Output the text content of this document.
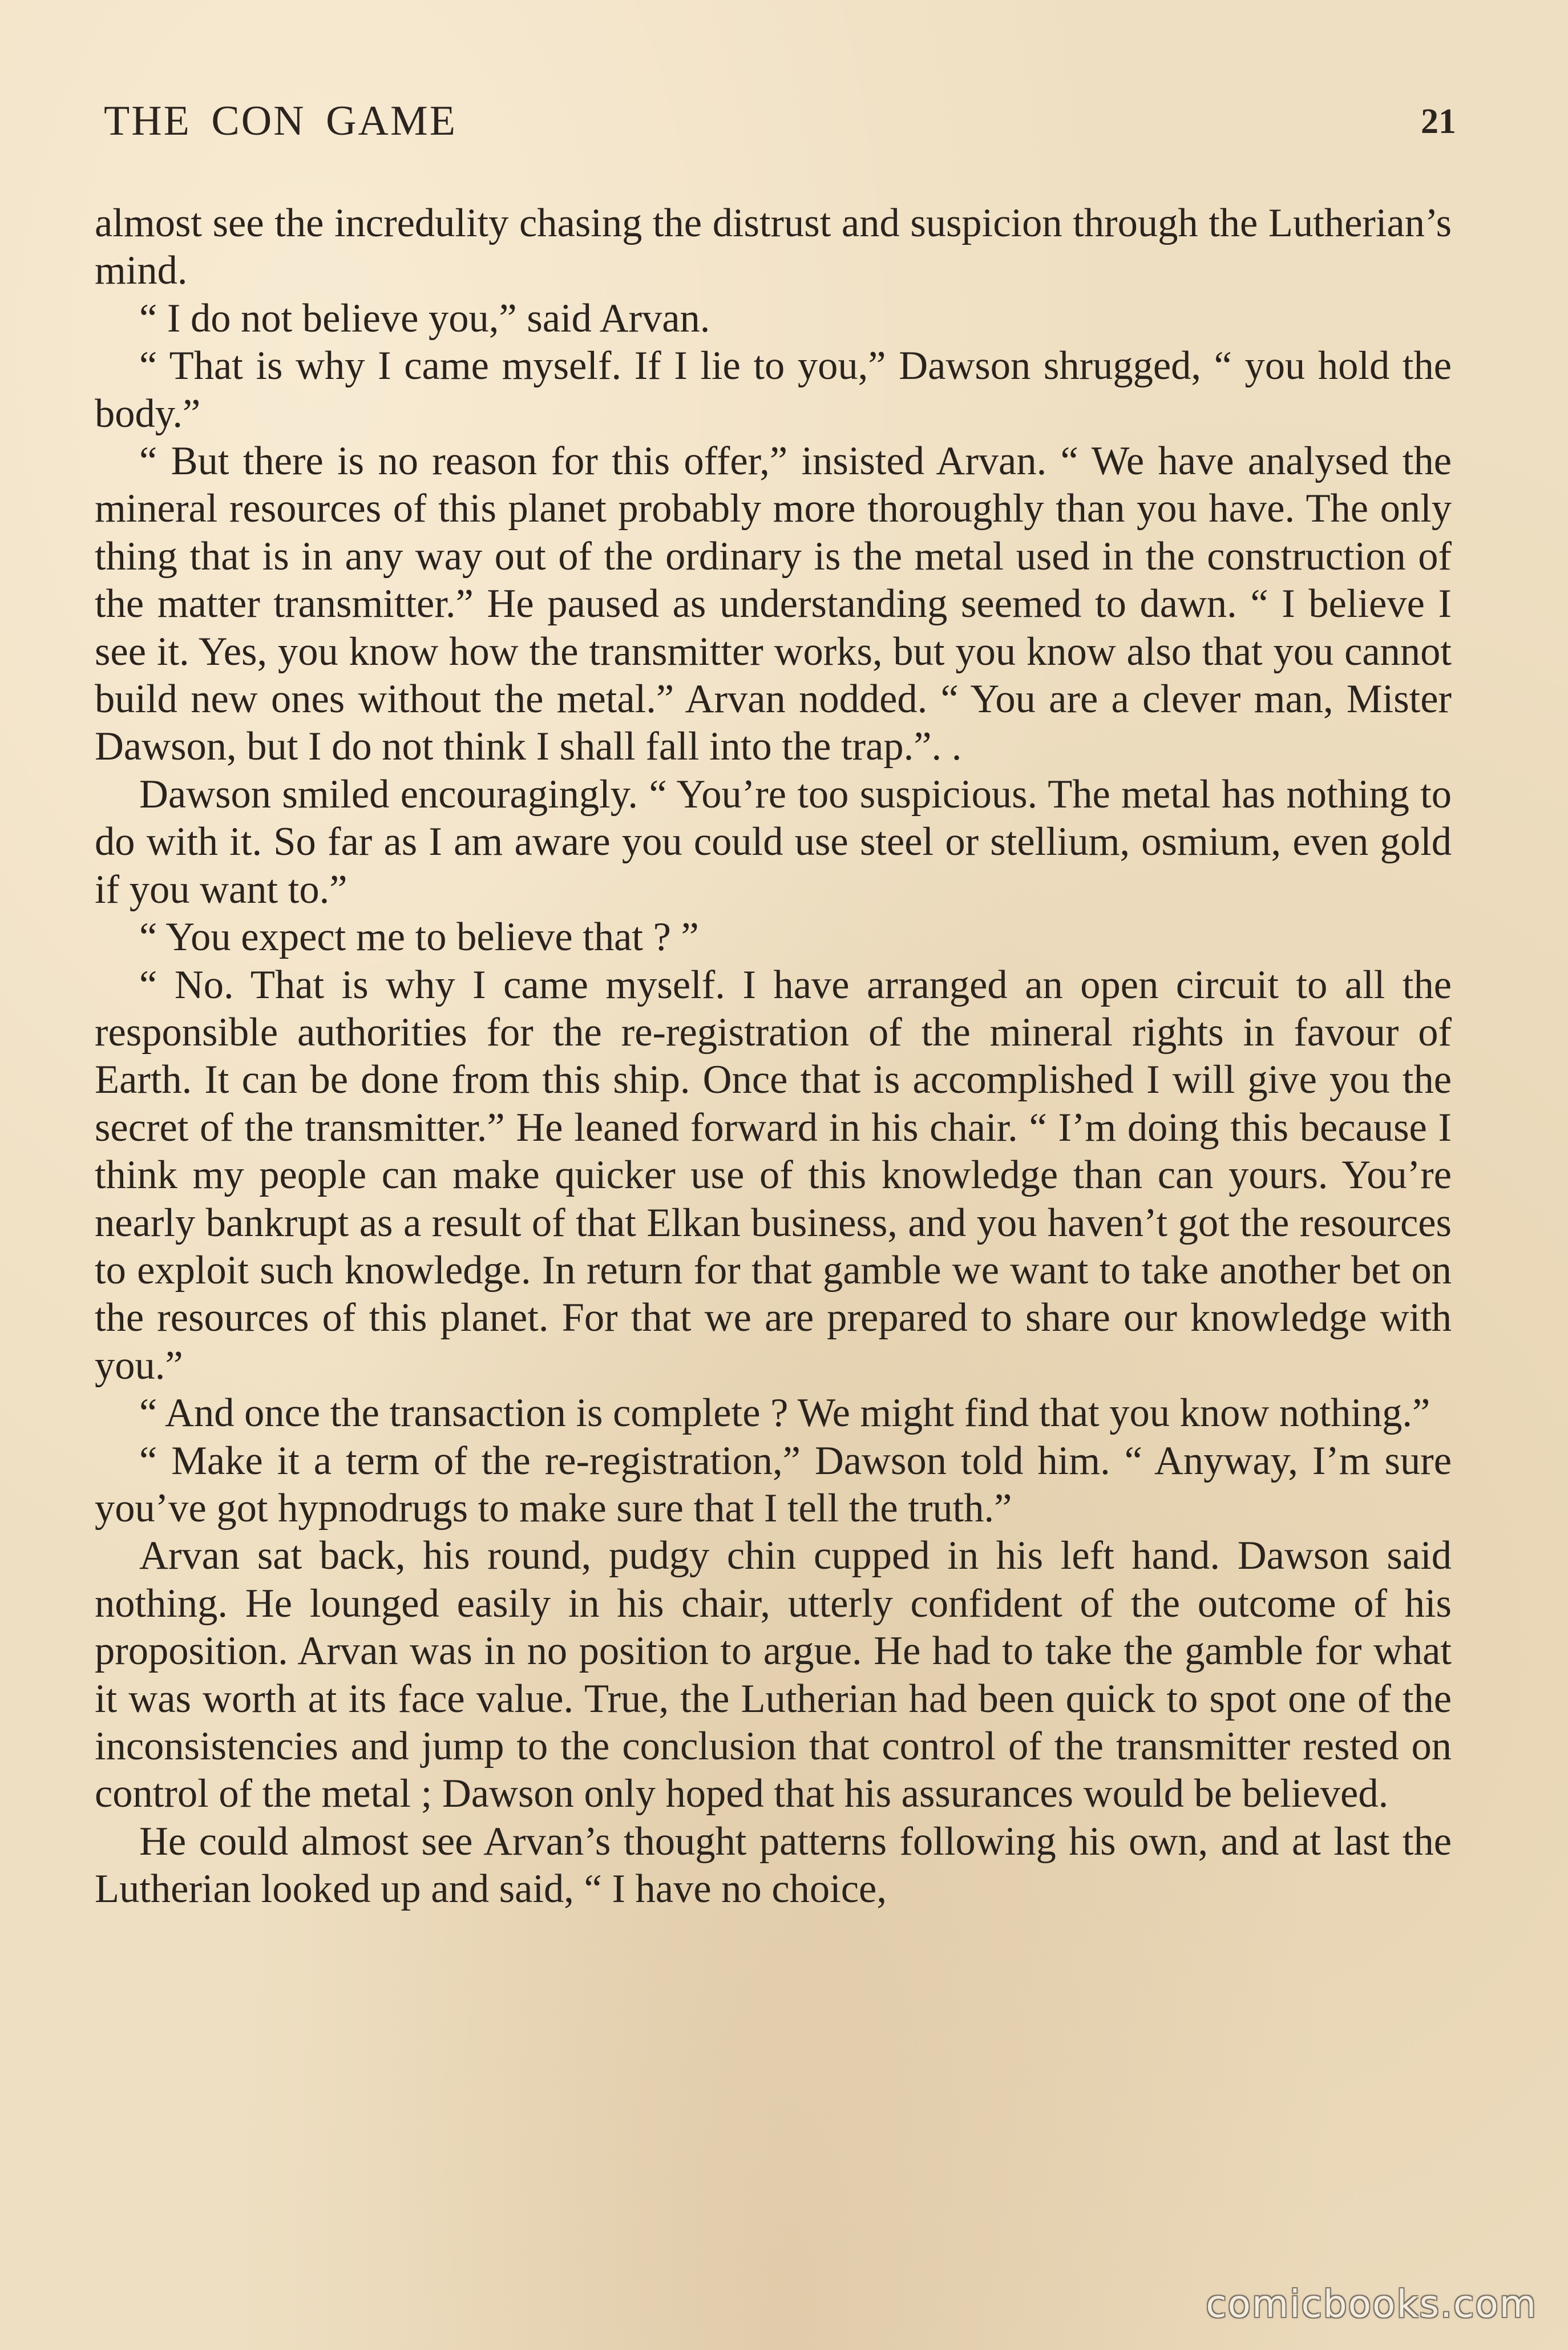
THE CON GAME	21

almost see the incredulity chasing the distrust and suspicion through the Lutherian’s mind.

“ I do not believe you,” said Arvan.

“ That is why I came myself. If I lie to you,” Dawson shrugged, “ you hold the body.”

“ But there is no reason for this offer,” insisted Arvan. “ We have analysed the mineral resources of this planet probably more thoroughly than you have. The only thing that is in any way out of the ordinary is the metal used in the construction of the matter transmitter.” He paused as understanding seemed to dawn. “ I believe I see it. Yes, you know how the transmitter works, but you know also that you cannot build new ones without the metal.” Arvan nodded. “ You are a clever man, Mister Dawson, but I do not think I shall fall into the trap.”. .

Dawson smiled encouragingly. “ You’re too suspicious. The metal has nothing to do with it. So far as I am aware you could use steel or stellium, osmium, even gold if you want to.”

“ You expect me to believe that ? ”

“ No. That is why I came myself. I have arranged an open circuit to all the responsible authorities for the re-registration of the mineral rights in favour of Earth. It can be done from this ship. Once that is accomplished I will give you the secret of the transmitter.” He leaned forward in his chair. “ I’m doing this because I think my people can make quicker use of this knowledge than can yours. You’re nearly bankrupt as a result of that Elkan business, and you haven’t got the resources to exploit such knowledge. In return for that gamble we want to take another bet on the resources of this planet. For that we are prepared to share our knowledge with you.”

“ And once the transaction is complete ? We might find that you know nothing.”

“ Make it a term of the re-registration,” Dawson told him. “ Anyway, I’m sure you’ve got hypnodrugs to make sure that I tell the truth.”

Arvan sat back, his round, pudgy chin cupped in his left hand. Dawson said nothing. He lounged easily in his chair, utterly confident of the outcome of his proposition. Arvan was in no position to argue. He had to take the gamble for what it was worth at its face value. True, the Lutherian had been quick to spot one of the inconsistencies and jump to the conclusion that control of the transmitter rested on control of the metal ; Dawson only hoped that his assurances would be believed.

He could almost see Arvan’s thought patterns following his own, and at last the Lutherian looked up and said, “ I have no choice,

comicbooks.com
